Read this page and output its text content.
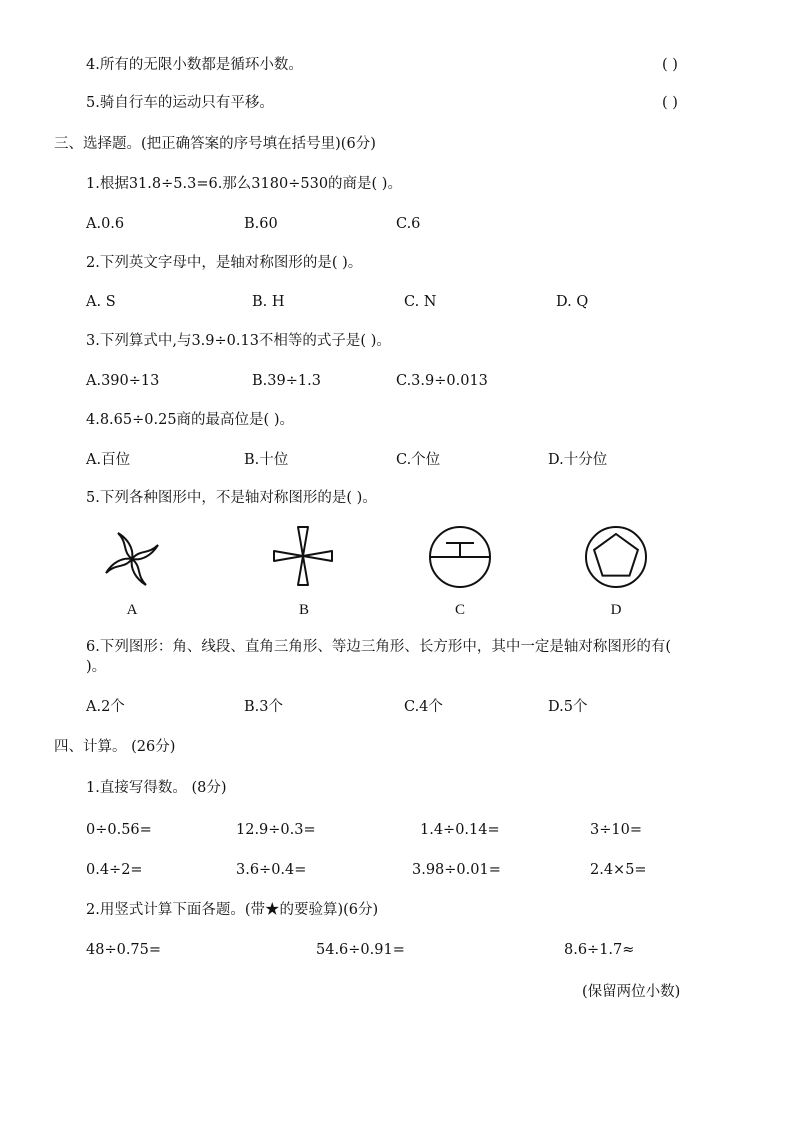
4.所有的无限小数都是循环小数。	( )
5.骑自行车的运动只有平移。	( )
三、选择题。(把正确答案的序号填在括号里)(6分)
1.根据31.8÷5.3=6.那么3180÷530的商是( )。
A.0.6	B.60	C.6
2.下列英文字母中，是轴对称图形的是( )。
A. S	B. H	C. N	D. Q
3.下列算式中,与3.9÷0.13不相等的式子是( )。
A.390÷13	B.39÷1.3	C.3.9÷0.013
4.8.65÷0.25商的最高位是( )。
A.百位	B.十位	C.个位	D.十分位
5.下列各种图形中，不是轴对称图形的是( )。
A	B	C	D
6.下列图形：角、线段、直角三角形、等边三角形、长方形中，其中一定是轴对称图形的有(
)。
A.2个	B.3个	C.4个	D.5个
四、计算。 (26分)
1.直接写得数。 (8分)
0÷0.56=	12.9÷0.3=	1.4÷0.14=	3÷10=
0.4÷2=	3.6÷0.4=	3.98÷0.01=	2.4×5=
2.用竖式计算下面各题。(带★的要验算)(6分)
48÷0.75=	54.6÷0.91=	8.6÷1.7≈
(保留两位小数)
